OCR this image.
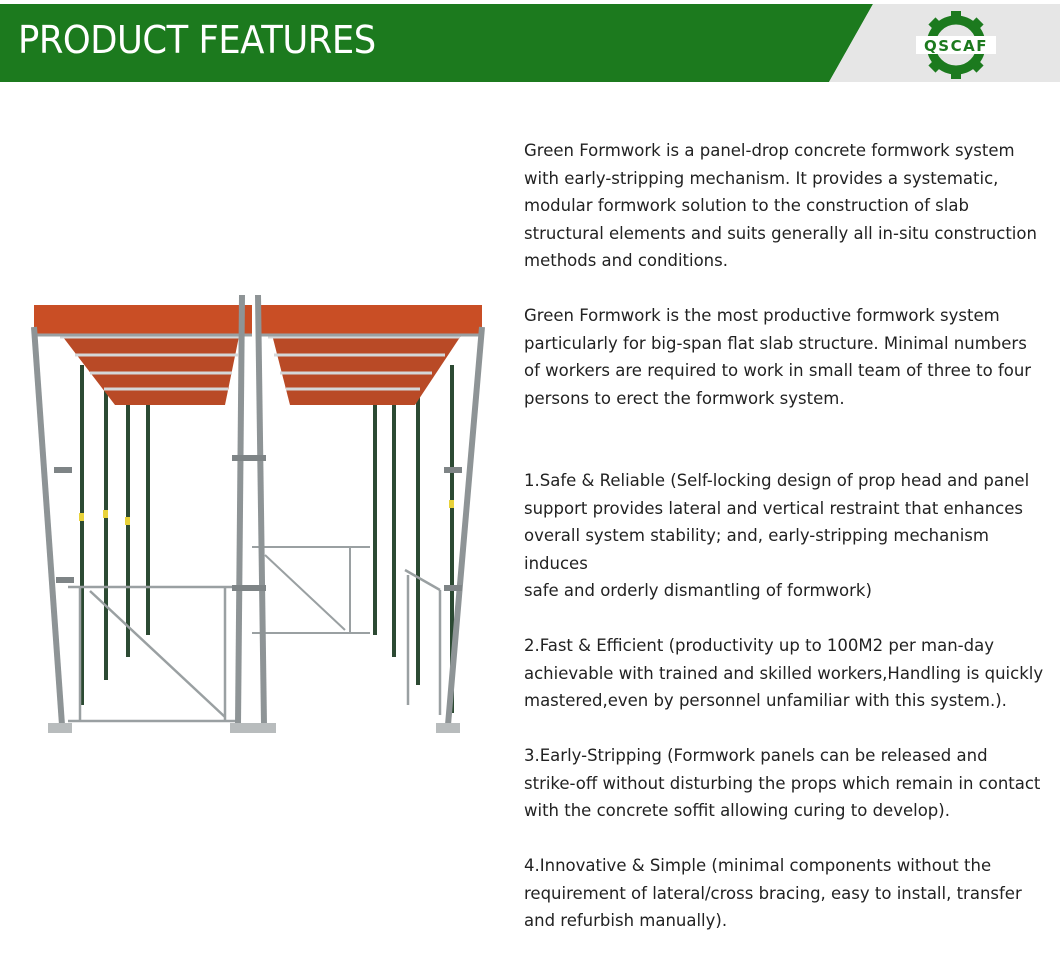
PRODUCT FEATURES	QSCAF

Green Formwork is a panel-drop concrete formwork system
with early-stripping mechanism. It provides a systematic,
modular formwork solution to the construction of slab
structural elements and suits generally all in-situ construction
methods and conditions.

Green Formwork is the most productive formwork system
particularly for big-span flat slab structure. Minimal numbers
of workers are required to work in small team of three to four
persons to erect the formwork system.

1.Safe & Reliable (Self-locking design of prop head and panel
support provides lateral and vertical restraint that enhances
overall system stability; and, early-stripping mechanism induces
safe and orderly dismantling of formwork)

2.Fast & Efficient (productivity up to 100M2 per man-day
achievable with trained and skilled workers,Handling is quickly
mastered,even by personnel unfamiliar with this system.).

3.Early-Stripping (Formwork panels can be released and
strike-off without disturbing the props which remain in contact
with the concrete soffit allowing curing to develop).

4.Innovative & Simple (minimal components without the
requirement of lateral/cross bracing, easy to install, transfer
and refurbish manually).
